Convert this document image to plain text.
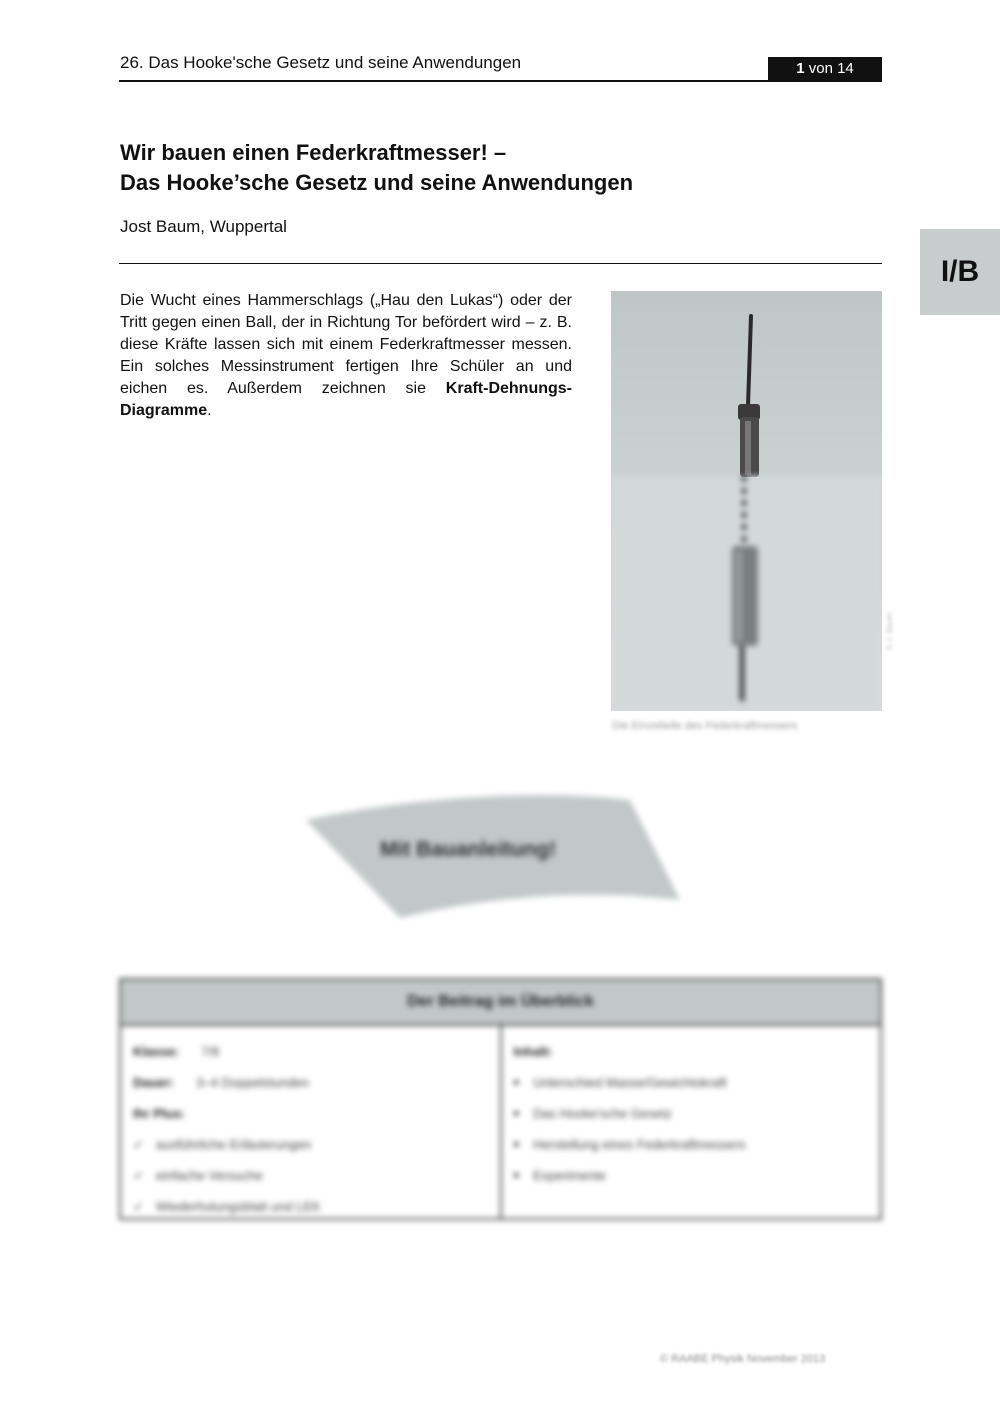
26. Das Hooke'sche Gesetz und seine Anwendungen	1 von 14
I/B
Wir bauen einen Federkraftmesser! –
Das Hooke’sche Gesetz und seine Anwendungen
Jost Baum, Wuppertal
Die Wucht eines Hammerschlags („Hau den Lukas“) oder der Tritt gegen einen Ball, der in Richtung Tor befördert wird – z. B. diese Kräfte lassen sich mit einem Federkraftmesser messen. Ein solches Messinstrument fertigen Ihre Schüler an und eichen es. Außerdem zeichnen sie Kraft-Dehnungs-Diagramme.
© J. Baum
Die Einzelteile des Federkraftmessers
Mit Bauanleitung!
Der Beitrag im Überblick
Klasse: 7/8
Dauer: 3–4 Doppelstunden
Ihr Plus:
✓ ausführliche Erläuterungen
✓ einfache Versuche
✓ Wiederholungsblatt und LEK
Inhalt:
■ Unterschied Masse/Gewichtskraft
■ Das Hooke'sche Gesetz
■ Herstellung eines Federkraftmessers
■ Experimente
© RAABE Physik November 2013
